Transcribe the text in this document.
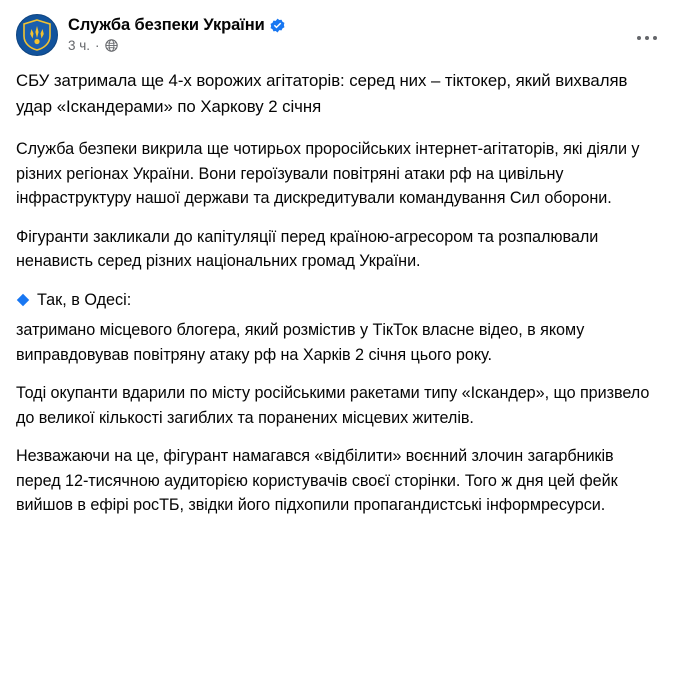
Служба безпеки України
3 ч. ·

СБУ затримала ще 4-х ворожих агітаторів: серед них – тіктокер, який вихваляв удар «Іскандерами» по Харкову 2 січня

Служба безпеки викрила ще чотирьох проросійських інтернет-агітаторів, які діяли у різних регіонах України. Вони героїзували повітряні атаки рф на цивільну інфраструктуру нашої держави та дискредитували командування Сил оборони.

Фігуранти закликали до капітуляції перед країною-агресором та розпалювали ненависть серед різних національних громад України.

Так, в Одесі:

затримано місцевого блогера, який розмістив у ТікТок власне відео, в якому виправдовував повітряну атаку рф на Харків 2 січня цього року.

Тоді окупанти вдарили по місту російськими ракетами типу «Іскандер», що призвело до великої кількості загиблих та поранених місцевих жителів.

Незважаючи на це, фігурант намагався «відбілити» воєнний злочин загарбників перед 12-тисячною аудиторією користувачів своєї сторінки. Того ж дня цей фейк вийшов в ефірі росТБ, звідки його підхопили пропагандистські інформресурси.
